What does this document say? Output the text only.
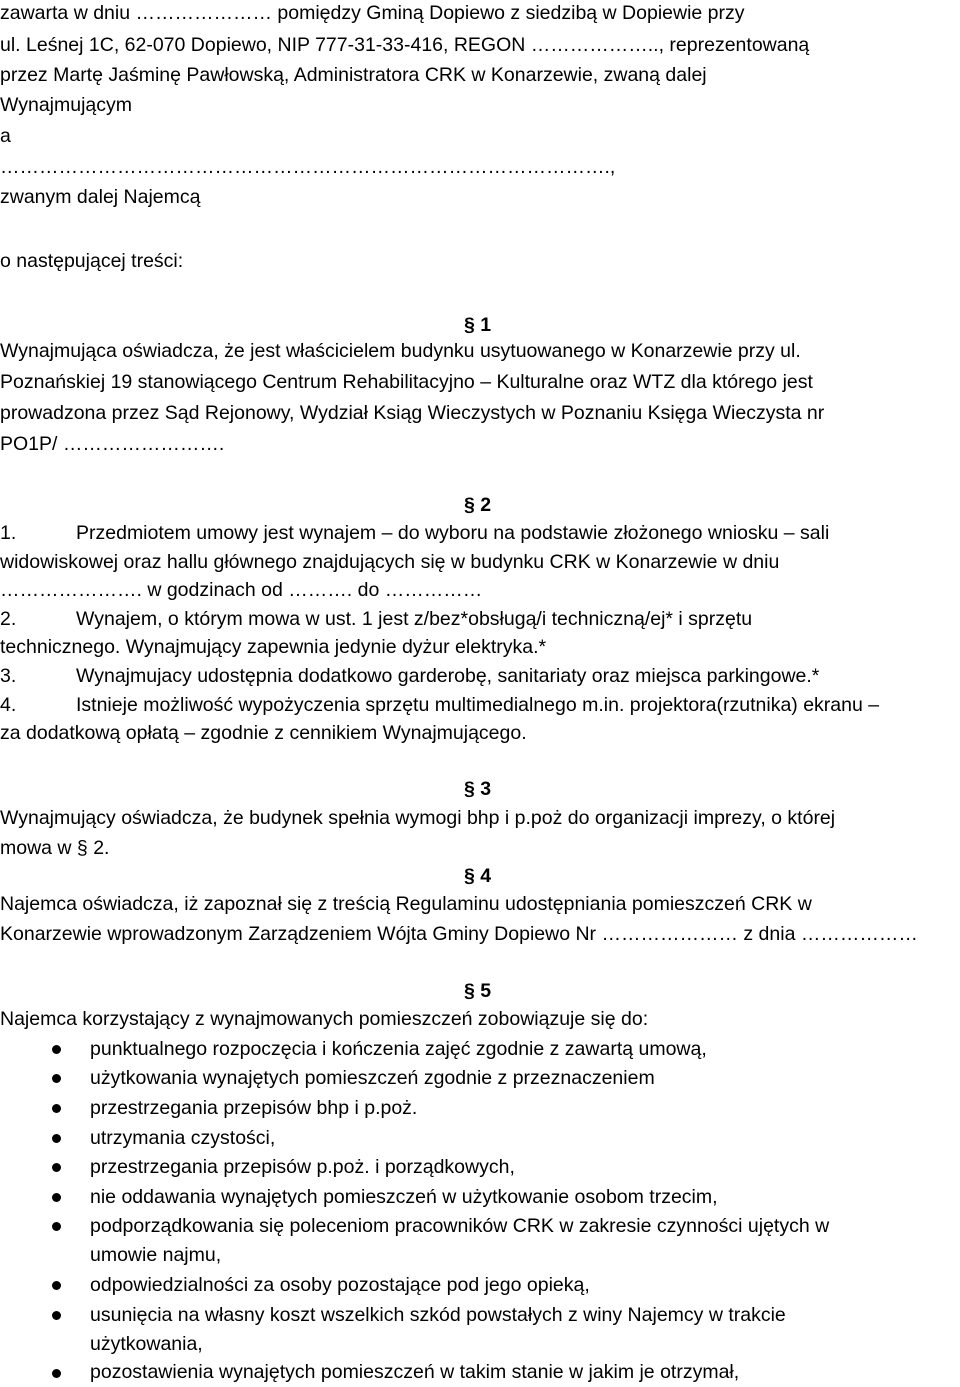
zawarta w dniu ………………… pomiędzy Gminą Dopiewo z siedzibą w Dopiewie przy
ul. Leśnej 1C, 62-070 Dopiewo, NIP 777-31-33-416, REGON ……………….., reprezentowaną
przez Martę Jaśminę Pawłowską, Administratora CRK w Konarzewie, zwaną dalej
Wynajmującym
a
………………………………………………………………………………….,
zwanym dalej Najemcą
o następującej treści:
§ 1
Wynajmująca oświadcza, że jest właścicielem budynku usytuowanego w Konarzewie przy ul.
Poznańskiej 19 stanowiącego Centrum Rehabilitacyjno – Kulturalne oraz WTZ dla którego jest
prowadzona przez Sąd Rejonowy, Wydział Ksiąg Wieczystych w Poznaniu Księga Wieczysta nr
PO1P/ …………………….
§ 2
1.	Przedmiotem umowy jest wynajem – do wyboru na podstawie złożonego wniosku – sali
widowiskowej oraz hallu głównego znajdujących się w budynku CRK w Konarzewie w dniu
…………………. w godzinach od ………. do ……………
2.	Wynajem, o którym mowa w ust. 1 jest z/bez*obsługą/i techniczną/ej* i sprzętu
technicznego. Wynajmujący zapewnia jedynie dyżur elektryka.*
3.	Wynajmujacy udostępnia dodatkowo garderobę, sanitariaty oraz miejsca parkingowe.*
4.	Istnieje możliwość wypożyczenia sprzętu multimedialnego m.in. projektora(rzutnika) ekranu –
za dodatkową opłatą – zgodnie z cennikiem Wynajmującego.
§ 3
Wynajmujący oświadcza, że budynek spełnia wymogi bhp i p.poż do organizacji imprezy, o której
mowa w § 2.
§ 4
Najemca oświadcza, iż zapoznał się z treścią Regulaminu udostępniania pomieszczeń CRK w
Konarzewie wprowadzonym Zarządzeniem Wójta Gminy Dopiewo Nr ………………… z dnia ………………
§ 5
Najemca korzystający z wynajmowanych pomieszczeń zobowiązuje się do:
punktualnego rozpoczęcia i kończenia zajęć zgodnie z zawartą umową,
użytkowania wynajętych pomieszczeń zgodnie z przeznaczeniem
przestrzegania przepisów bhp i p.poż.
utrzymania czystości,
przestrzegania przepisów p.poż. i porządkowych,
nie oddawania wynajętych pomieszczeń w użytkowanie osobom trzecim,
podporządkowania się poleceniom pracowników CRK w zakresie czynności ujętych w
umowie najmu,
odpowiedzialności za osoby pozostające pod jego opieką,
usunięcia na własny koszt wszelkich szkód powstałych z winy Najemcy w trakcie
użytkowania,
pozostawienia wynajętych pomieszczeń w takim stanie w jakim je otrzymał,
